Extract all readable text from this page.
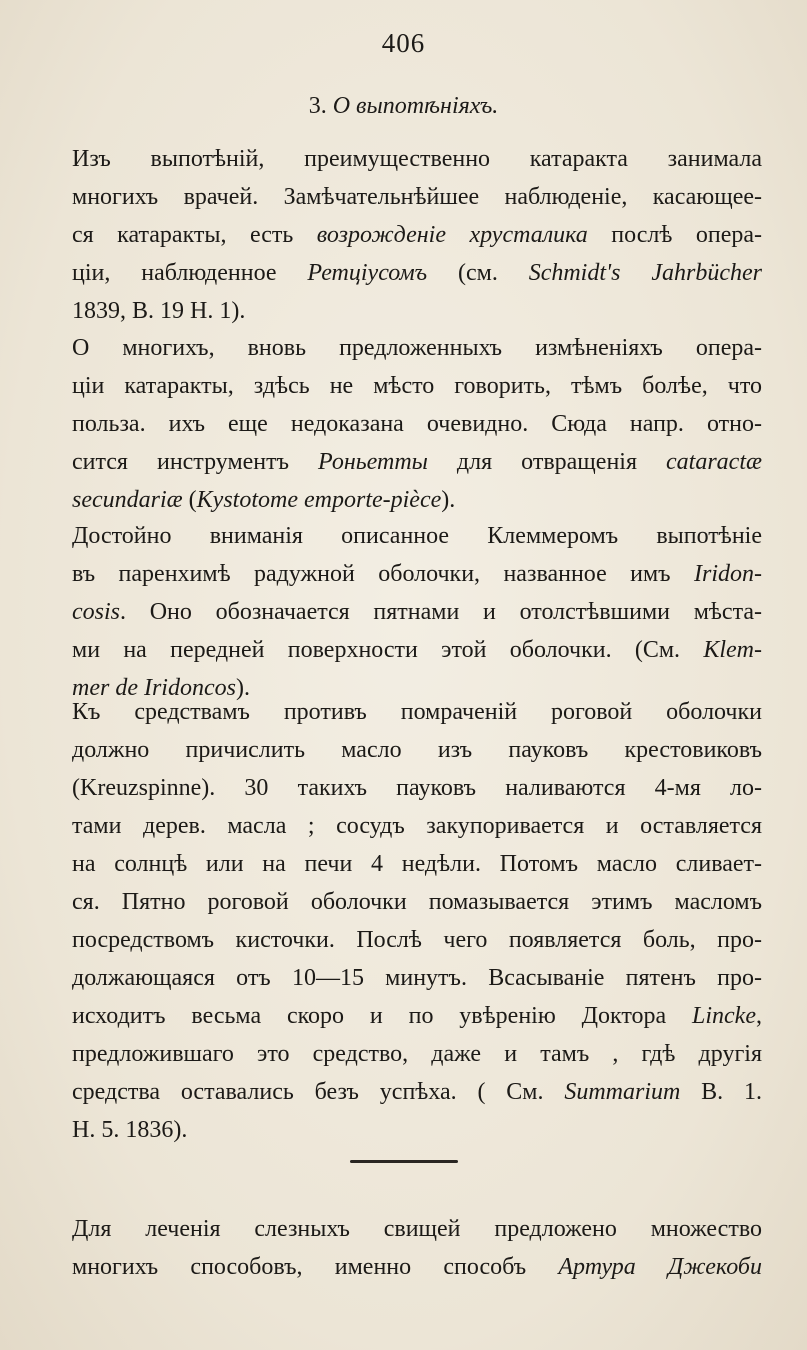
406
3. О выпотѣніяхъ.
Изъ выпотѣній, преимущественно катаракта занимала
многихъ врачей. Замѣчательнѣйшее наблюденіе, касающее-
ся катаракты, есть возрожденіе хрусталика послѣ опера-
ціи, наблюденное Ретціусомъ (см. Schmidt's Jahrbücher
1839, B. 19 H. 1).
О многихъ, вновь предложенныхъ измѣненіяхъ опера-
ціи катаракты, здѣсь не мѣсто говорить, тѣмъ болѣе, что
польза. ихъ еще недоказана очевидно. Сюда напр. отно-
сится инструментъ Роньетты для отвращенія cataractæ
secundariæ (Kystotome emporte-pièce).
Достойно вниманія описанное Клеммеромъ выпотѣніе
въ паренхимѣ радужной оболочки, названное имъ Iridon-
cosis. Оно обозначается пятнами и отолстѣвшими мѣста-
ми на передней поверхности этой оболочки. (См. Klem-
mer de Iridoncos).
Къ средствамъ противъ помраченій роговой оболочки
должно причислить масло изъ пауковъ крестовиковъ
(Kreuzspinne). 30 такихъ пауковъ наливаются 4-мя ло-
тами дерев. масла ; сосудъ закупоривается и оставляется
на солнцѣ или на печи 4 недѣли. Потомъ масло сливает-
ся. Пятно роговой оболочки помазывается этимъ масломъ
посредствомъ кисточки. Послѣ чего появляется боль, про-
должающаяся отъ 10—15 минутъ. Всасываніе пятенъ про-
исходитъ весьма скоро и по увѣренію Доктора Lincke,
предложившаго это средство, даже и тамъ , гдѣ другія
средства оставались безъ успѣха. ( См. Summarium B. 1.
H. 5. 1836).
Для леченія слезныхъ свищей предложено множество
многихъ способовъ, именно способъ Артура Джекоби
